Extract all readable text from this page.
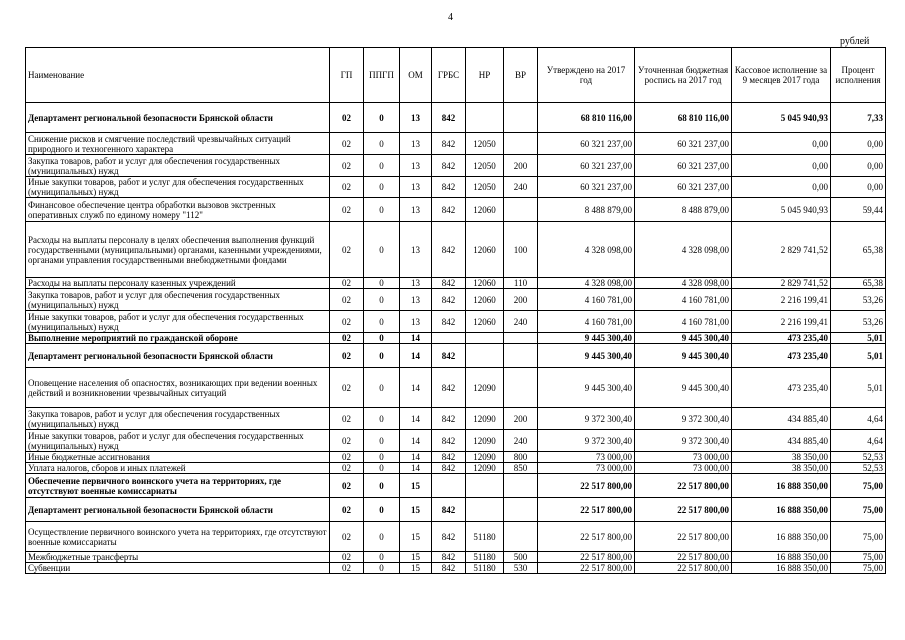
4
рублей
Наименование	ГП	ППГП	ОМ	ГРБС	НР	ВР	Утверждено на 2017 год	Уточненная бюджетная роспись на 2017 год	Кассовое исполнение за 9 месяцев 2017 года	Процент исполнения
Департамент региональной безопасности Брянской области	02	0	13	842			68 810 116,00	68 810 116,00	5 045 940,93	7,33
Снижение рисков и смягчение последствий чрезвычайных ситуаций природного и техногенного характера	02	0	13	842	12050		60 321 237,00	60 321 237,00	0,00	0,00
Закупка товаров, работ и услуг для обеспечения государственных (муниципальных) нужд	02	0	13	842	12050	200	60 321 237,00	60 321 237,00	0,00	0,00
Иные закупки товаров, работ и услуг для обеспечения государственных (муниципальных) нужд	02	0	13	842	12050	240	60 321 237,00	60 321 237,00	0,00	0,00
Финансовое обеспечение центра обработки вызовов экстренных оперативных служб по единому номеру "112"	02	0	13	842	12060		8 488 879,00	8 488 879,00	5 045 940,93	59,44
Расходы на выплаты персоналу в целях обеспечения выполнения функций государственными (муниципальными) органами, казенными учреждениями, органами управления государственными внебюджетными фондами	02	0	13	842	12060	100	4 328 098,00	4 328 098,00	2 829 741,52	65,38
Расходы на выплаты персоналу казенных учреждений	02	0	13	842	12060	110	4 328 098,00	4 328 098,00	2 829 741,52	65,38
Закупка товаров, работ и услуг для обеспечения государственных (муниципальных) нужд	02	0	13	842	12060	200	4 160 781,00	4 160 781,00	2 216 199,41	53,26
Иные закупки товаров, работ и услуг для обеспечения государственных (муниципальных) нужд	02	0	13	842	12060	240	4 160 781,00	4 160 781,00	2 216 199,41	53,26
Выполнение мероприятий по гражданской обороне	02	0	14				9 445 300,40	9 445 300,40	473 235,40	5,01
Департамент региональной безопасности Брянской области	02	0	14	842			9 445 300,40	9 445 300,40	473 235,40	5,01
Оповещение населения об опасностях, возникающих при ведении военных действий и возникновении чрезвычайных ситуаций	02	0	14	842	12090		9 445 300,40	9 445 300,40	473 235,40	5,01
Закупка товаров, работ и услуг для обеспечения государственных (муниципальных) нужд	02	0	14	842	12090	200	9 372 300,40	9 372 300,40	434 885,40	4,64
Иные закупки товаров, работ и услуг для обеспечения государственных (муниципальных) нужд	02	0	14	842	12090	240	9 372 300,40	9 372 300,40	434 885,40	4,64
Иные бюджетные ассигнования	02	0	14	842	12090	800	73 000,00	73 000,00	38 350,00	52,53
Уплата налогов, сборов и иных платежей	02	0	14	842	12090	850	73 000,00	73 000,00	38 350,00	52,53
Обеспечение первичного воинского учета на территориях, где отсутствуют военные комиссариаты	02	0	15				22 517 800,00	22 517 800,00	16 888 350,00	75,00
Департамент региональной безопасности Брянской области	02	0	15	842			22 517 800,00	22 517 800,00	16 888 350,00	75,00
Осуществление первичного воинского учета на территориях, где отсутствуют военные комиссариаты	02	0	15	842	51180		22 517 800,00	22 517 800,00	16 888 350,00	75,00
Межбюджетные трансферты	02	0	15	842	51180	500	22 517 800,00	22 517 800,00	16 888 350,00	75,00
Субвенции	02	0	15	842	51180	530	22 517 800,00	22 517 800,00	16 888 350,00	75,00
